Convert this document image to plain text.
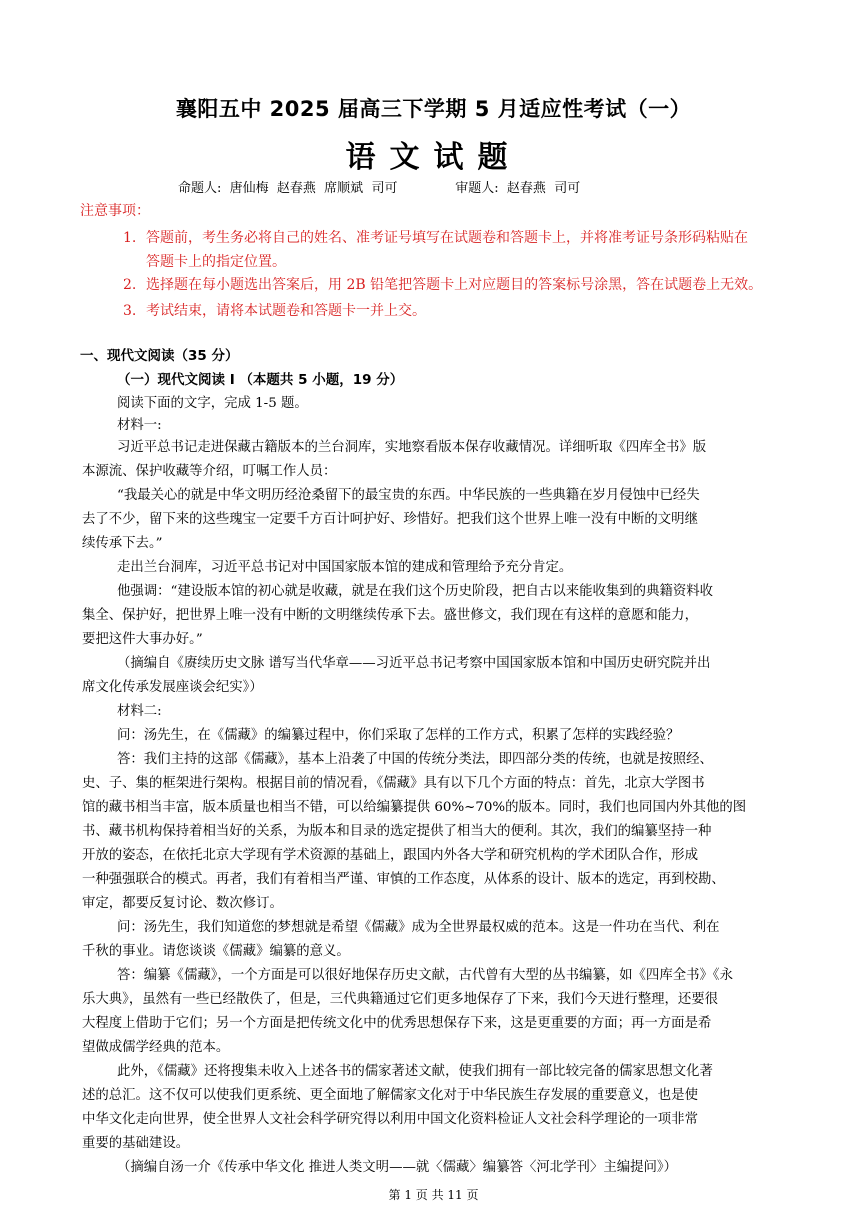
襄阳五中 2025 届高三下学期 5 月适应性考试（一）
语文试题
命题人:  唐仙梅  赵春燕  席顺斌  司可              审题人:  赵春燕  司可
注意事项：
1. 答题前，考生务必将自己的姓名、准考证号填写在试题卷和答题卡上，并将准考证号条形码粘贴在
答题卡上的指定位置。
2. 选择题在每小题选出答案后，用 2B 铅笔把答题卡上对应题目的答案标号涂黑，答在试题卷上无效。
3. 考试结束，请将本试题卷和答题卡一并上交。
一、现代文阅读（35 分）
（一）现代文阅读 I （本题共 5 小题，19 分）
阅读下面的文字，完成 1-5 题。
材料一:
习近平总书记走进保藏古籍版本的兰台洞库，实地察看版本保存收藏情况。详细听取《四库全书》版
本源流、保护收藏等介绍，叮嘱工作人员：
“我最关心的就是中华文明历经沧桑留下的最宝贵的东西。中华民族的一些典籍在岁月侵蚀中已经失
去了不少，留下来的这些瑰宝一定要千方百计呵护好、珍惜好。把我们这个世界上唯一没有中断的文明继
续传承下去。”
走出兰台洞库，习近平总书记对中国国家版本馆的建成和管理给予充分肯定。
他强调：“建设版本馆的初心就是收藏，就是在我们这个历史阶段，把自古以来能收集到的典籍资料收
集全、保护好，把世界上唯一没有中断的文明继续传承下去。盛世修文，我们现在有这样的意愿和能力，
要把这件大事办好。”
（摘编自《赓续历史文脉 谱写当代华章——习近平总书记考察中国国家版本馆和中国历史研究院并出
席文化传承发展座谈会纪实》）
材料二:
问：汤先生，在《儒藏》的编纂过程中，你们采取了怎样的工作方式，积累了怎样的实践经验？
答：我们主持的这部《儒藏》，基本上沿袭了中国的传统分类法，即四部分类的传统，也就是按照经、
史、子、集的框架进行架构。根据目前的情况看，《儒藏》具有以下几个方面的特点：首先，北京大学图书
馆的藏书相当丰富，版本质量也相当不错，可以给编纂提供 60%~70%的版本。同时，我们也同国内外其他的图
书、藏书机构保持着相当好的关系，为版本和目录的选定提供了相当大的便利。其次，我们的编纂坚持一种
开放的姿态，在依托北京大学现有学术资源的基础上，跟国内外各大学和研究机构的学术团队合作，形成
一种强强联合的模式。再者，我们有着相当严谨、审慎的工作态度，从体系的设计、版本的选定，再到校勘、
审定，都要反复讨论、数次修订。
问：汤先生，我们知道您的梦想就是希望《儒藏》成为全世界最权威的范本。这是一件功在当代、利在
千秋的事业。请您谈谈《儒藏》编纂的意义。
答：编纂《儒藏》，一个方面是可以很好地保存历史文献，古代曾有大型的丛书编纂，如《四库全书》《永
乐大典》，虽然有一些已经散佚了，但是，三代典籍通过它们更多地保存了下来，我们今天进行整理，还要很
大程度上借助于它们；另一个方面是把传统文化中的优秀思想保存下来，这是更重要的方面；再一方面是希
望做成儒学经典的范本。
此外，《儒藏》还将搜集未收入上述各书的儒家著述文献，使我们拥有一部比较完备的儒家思想文化著
述的总汇。这不仅可以使我们更系统、更全面地了解儒家文化对于中华民族生存发展的重要意义，也是使
中华文化走向世界，使全世界人文社会科学研究得以利用中国文化资料检证人文社会科学理论的一项非常
重要的基础建设。
（摘编自汤一介《传承中华文化 推进人类文明——就〈儒藏〉编纂答〈河北学刊〉主编提问》）
第 1 页 共 11 页
